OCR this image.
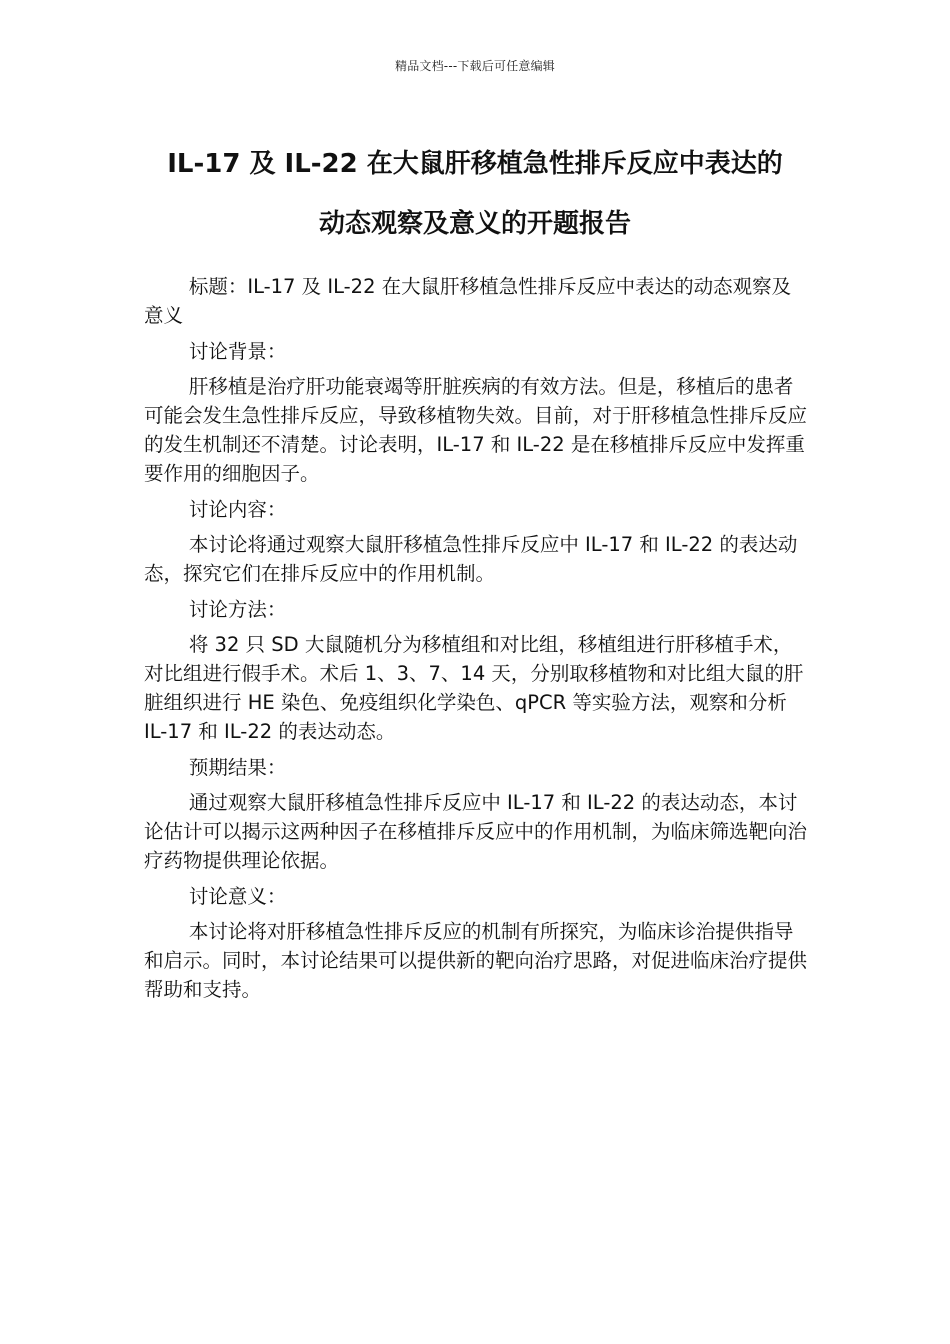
精品文档---下载后可任意编辑
IL-17 及 IL-22 在大鼠肝移植急性排斥反应中表达的
动态观察及意义的开题报告

标题：IL-17 及 IL-22 在大鼠肝移植急性排斥反应中表达的动态观察及意义

讨论背景：

肝移植是治疗肝功能衰竭等肝脏疾病的有效方法。但是，移植后的患者可能会发生急性排斥反应，导致移植物失效。目前，对于肝移植急性排斥反应的发生机制还不清楚。讨论表明，IL-17 和 IL-22 是在移植排斥反应中发挥重要作用的细胞因子。

讨论内容：

本讨论将通过观察大鼠肝移植急性排斥反应中 IL-17 和 IL-22 的表达动态，探究它们在排斥反应中的作用机制。

讨论方法：

将 32 只 SD 大鼠随机分为移植组和对比组，移植组进行肝移植手术，对比组进行假手术。术后 1、3、7、14 天，分别取移植物和对比组大鼠的肝脏组织进行 HE 染色、免疫组织化学染色、qPCR 等实验方法，观察和分析 IL-17 和 IL-22 的表达动态。

预期结果：

通过观察大鼠肝移植急性排斥反应中 IL-17 和 IL-22 的表达动态，本讨论估计可以揭示这两种因子在移植排斥反应中的作用机制，为临床筛选靶向治疗药物提供理论依据。

讨论意义：

本讨论将对肝移植急性排斥反应的机制有所探究，为临床诊治提供指导和启示。同时，本讨论结果可以提供新的靶向治疗思路，对促进临床治疗提供帮助和支持。
